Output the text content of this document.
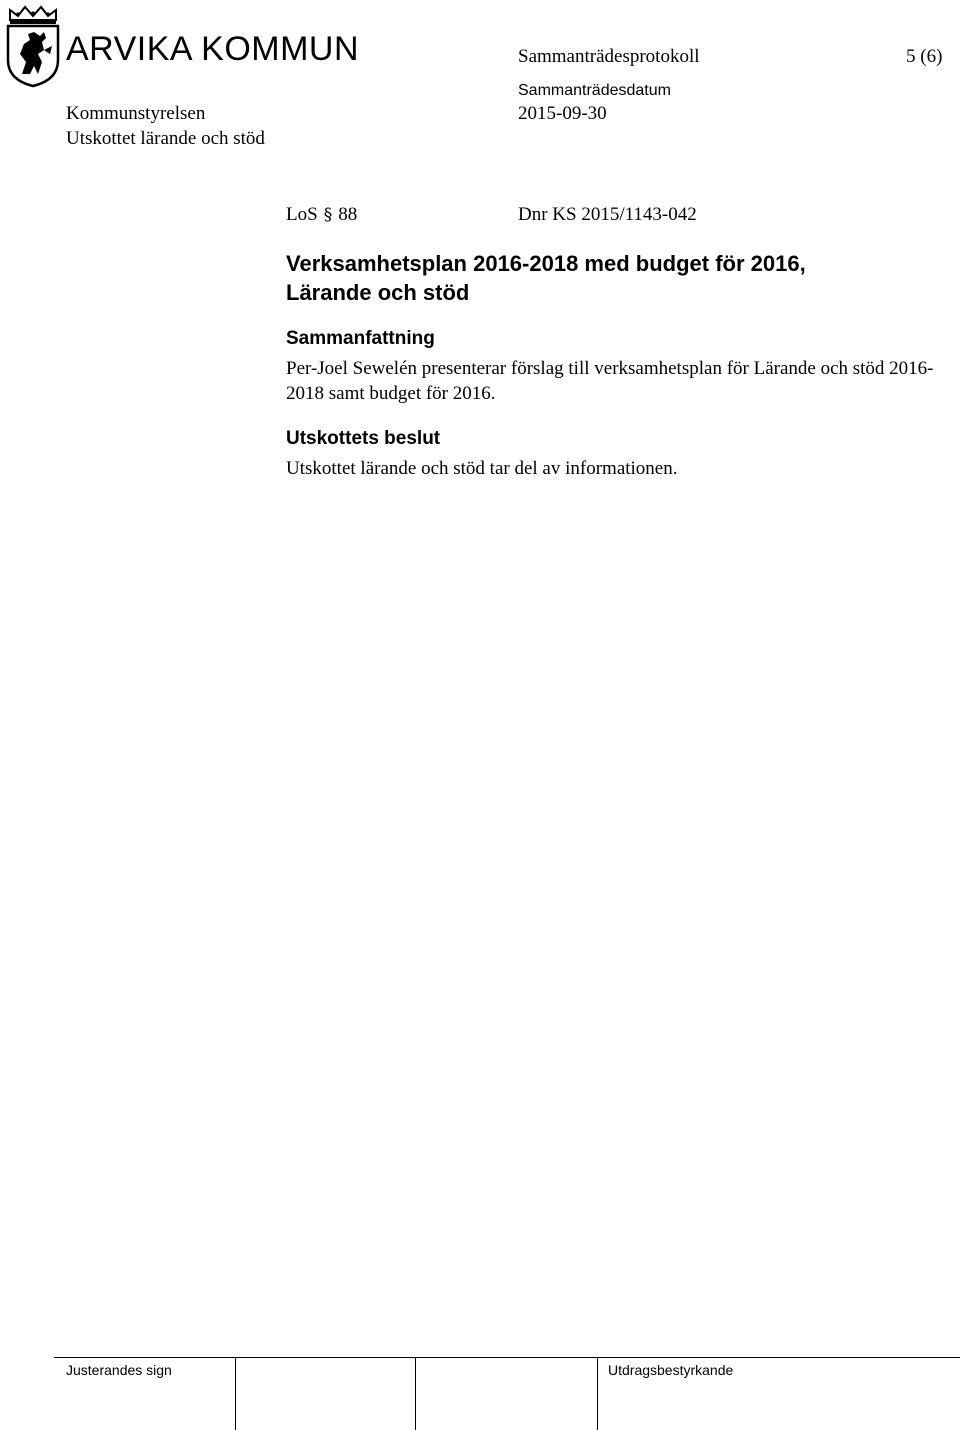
ARVIKA KOMMUN	Sammanträdesprotokoll	5 (6)
Sammanträdesdatum
Kommunstyrelsen	2015-09-30
Utskottet lärande och stöd
LoS § 88	Dnr KS 2015/1143-042
Verksamhetsplan 2016-2018 med budget för 2016,
Lärande och stöd
Sammanfattning
Per-Joel Sewelén presenterar förslag till verksamhetsplan för Lärande och stöd 2016-2018 samt budget för 2016.
Utskottets beslut
Utskottet lärande och stöd tar del av informationen.
Justerandes sign	Utdragsbestyrkande
